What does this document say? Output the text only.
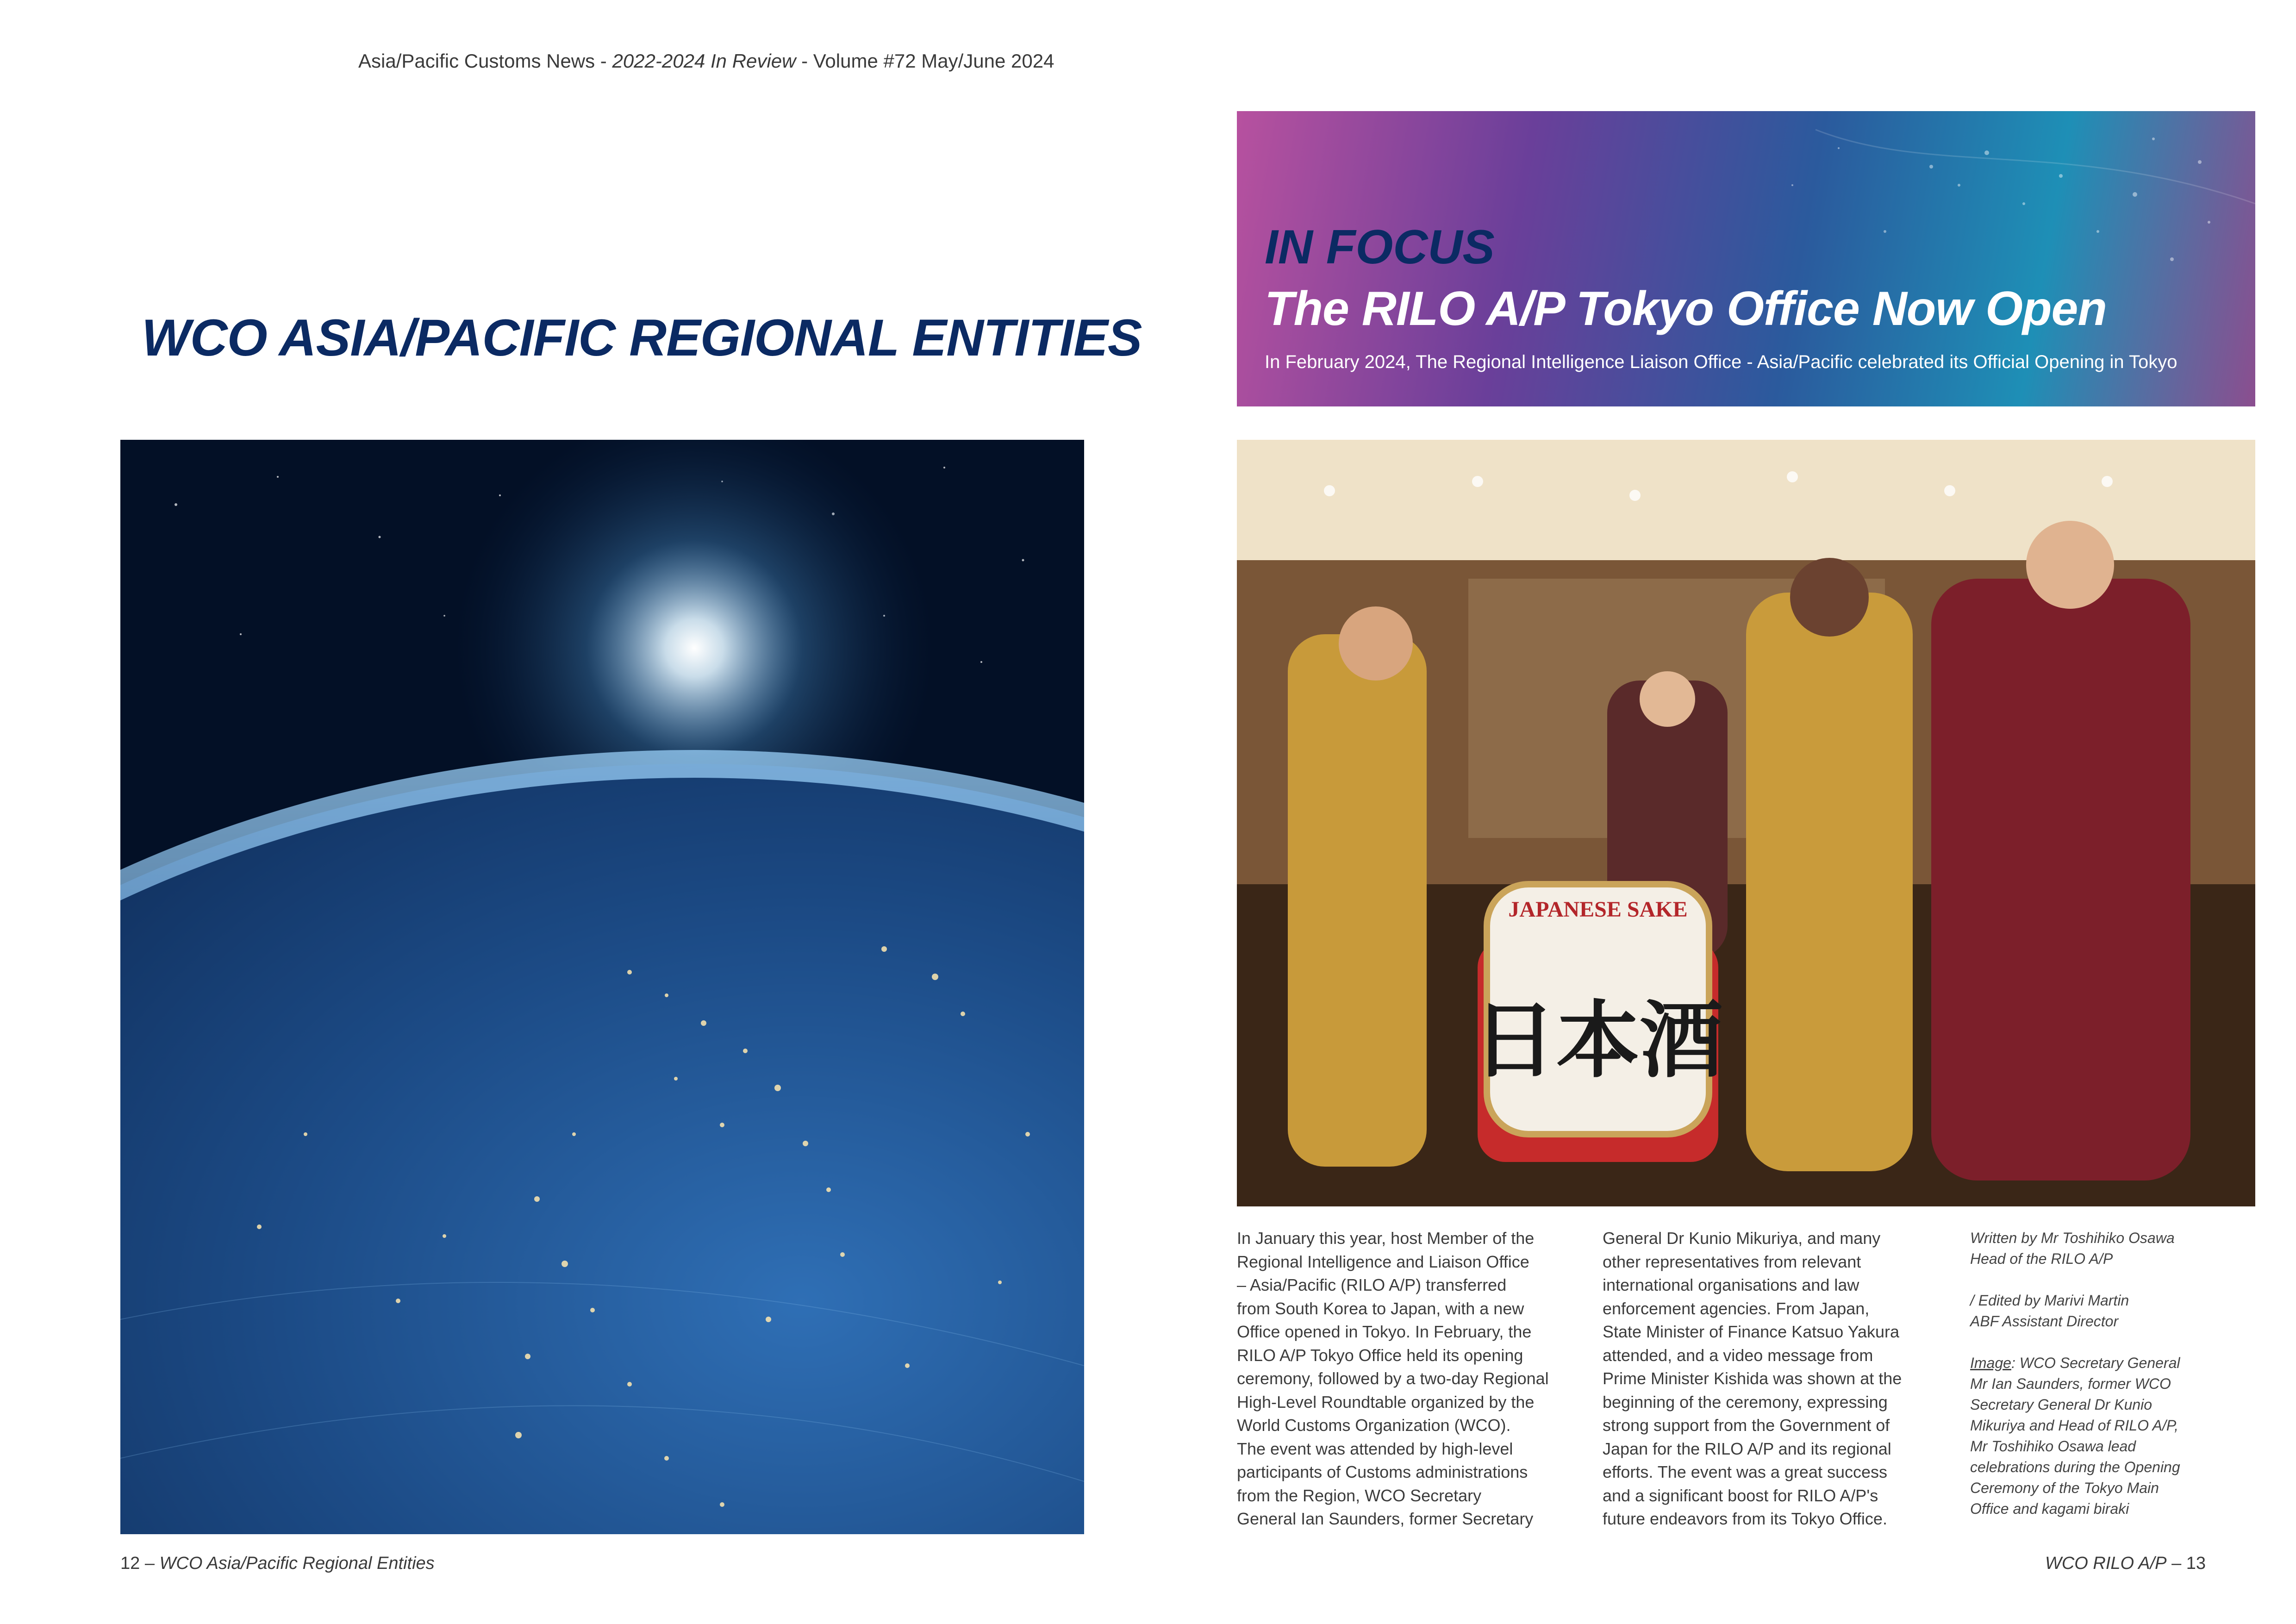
Asia/Pacific Customs News - 2022-2024 In Review - Volume #72 May/June 2024
WCO ASIA/PACIFIC REGIONAL ENTITIES
12 – WCO Asia/Pacific Regional Entities
IN FOCUS
The RILO A/P Tokyo Office Now Open
In February 2024, The Regional Intelligence Liaison Office - Asia/Pacific celebrated its Official Opening in Tokyo
JAPANESE SAKE
日本酒
In January this year, host Member of the
Regional Intelligence and Liaison Office
– Asia/Pacific (RILO A/P) transferred
from South Korea to Japan, with a new
Office opened in Tokyo. In February, the
RILO A/P Tokyo Office held its opening
ceremony, followed by a two-day Regional
High-Level Roundtable organized by the
World Customs Organization (WCO).
The event was attended by high-level
participants of Customs administrations
from the Region, WCO Secretary
General Ian Saunders, former Secretary
General Dr Kunio Mikuriya, and many
other representatives from relevant
international organisations and law
enforcement agencies. From Japan,
State Minister of Finance Katsuo Yakura
attended, and a video message from
Prime Minister Kishida was shown at the
beginning of the ceremony, expressing
strong support from the Government of
Japan for the RILO A/P and its regional
efforts. The event was a great success
and a significant boost for RILO A/P's
future endeavors from its Tokyo Office.
Written by Mr Toshihiko Osawa
Head of the RILO A/P
/ Edited by Marivi Martin
ABF Assistant Director
Image: WCO Secretary General
Mr Ian Saunders, former WCO
Secretary General Dr Kunio
Mikuriya and Head of RILO A/P,
Mr Toshihiko Osawa lead
celebrations during the Opening
Ceremony of the Tokyo Main
Office and kagami biraki
WCO RILO A/P – 13
